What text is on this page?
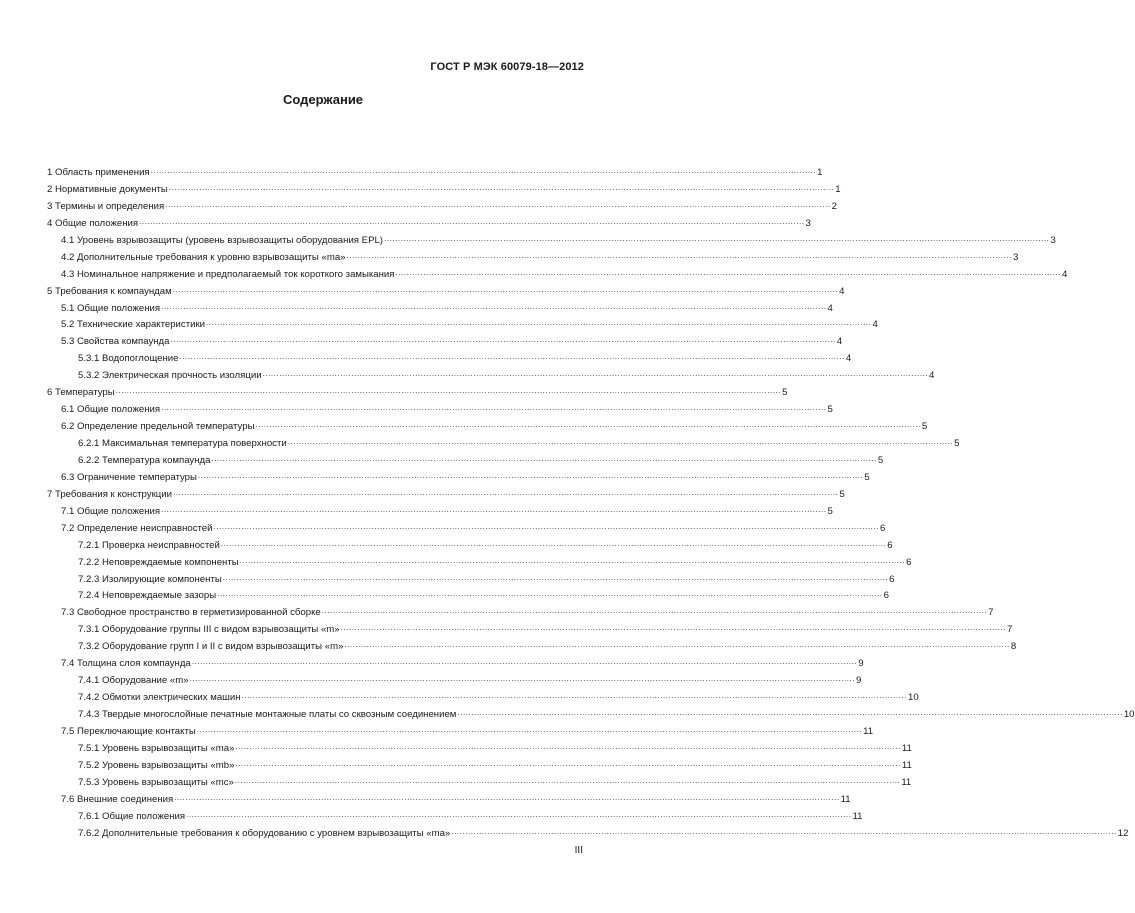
ГОСТ Р МЭК 60079-18—2012
Содержание
1 Область применения .....	1
2 Нормативные документы .....	1
3 Термины и определения .....	2
4 Общие положения .....	3
4.1 Уровень взрывозащиты (уровень взрывозащиты оборудования EPL) .....	3
4.2 Дополнительные требования к уровню взрывозащиты «ma» .....	3
4.3 Номинальное напряжение и предполагаемый ток короткого замыкания .....	4
5 Требования к компаундам .....	4
5.1 Общие положения .....	4
5.2 Технические характеристики .....	4
5.3 Свойства компаунда .....	4
5.3.1 Водопоглощение .....	4
5.3.2 Электрическая прочность изоляции .....	4
6 Температуры .....	5
6.1 Общие положения .....	5
6.2 Определение предельной температуры .....	5
6.2.1 Максимальная температура поверхности .....	5
6.2.2 Температура компаунда .....	5
6.3 Ограничение температуры .....	5
7 Требования к конструкции .....	5
7.1 Общие положения .....	5
7.2 Определение неисправностей .....	6
7.2.1 Проверка неисправностей .....	6
7.2.2 Неповреждаемые компоненты .....	6
7.2.3 Изолирующие компоненты .....	6
7.2.4 Неповреждаемые зазоры .....	6
7.3 Свободное пространство в герметизированной сборке .....	7
7.3.1 Оборудование группы III с видом взрывозащиты «m» .....	7
7.3.2 Оборудование групп I и II с видом взрывозащиты «m» .....	8
7.4 Толщина слоя компаунда .....	9
7.4.1 Оборудование «m» .....	9
7.4.2 Обмотки электрических машин .....	10
7.4.3 Твердые многослойные печатные монтажные платы со сквозным соединением .....	10
7.5 Переключающие контакты .....	11
7.5.1 Уровень взрывозащиты «ma» .....	11
7.5.2 Уровень взрывозащиты «mb» .....	11
7.5.3 Уровень взрывозащиты «mc» .....	11
7.6 Внешние соединения .....	11
7.6.1 Общие положения .....	11
7.6.2 Дополнительные требования к оборудованию с уровнем взрывозащиты «ma» .....	12
III
